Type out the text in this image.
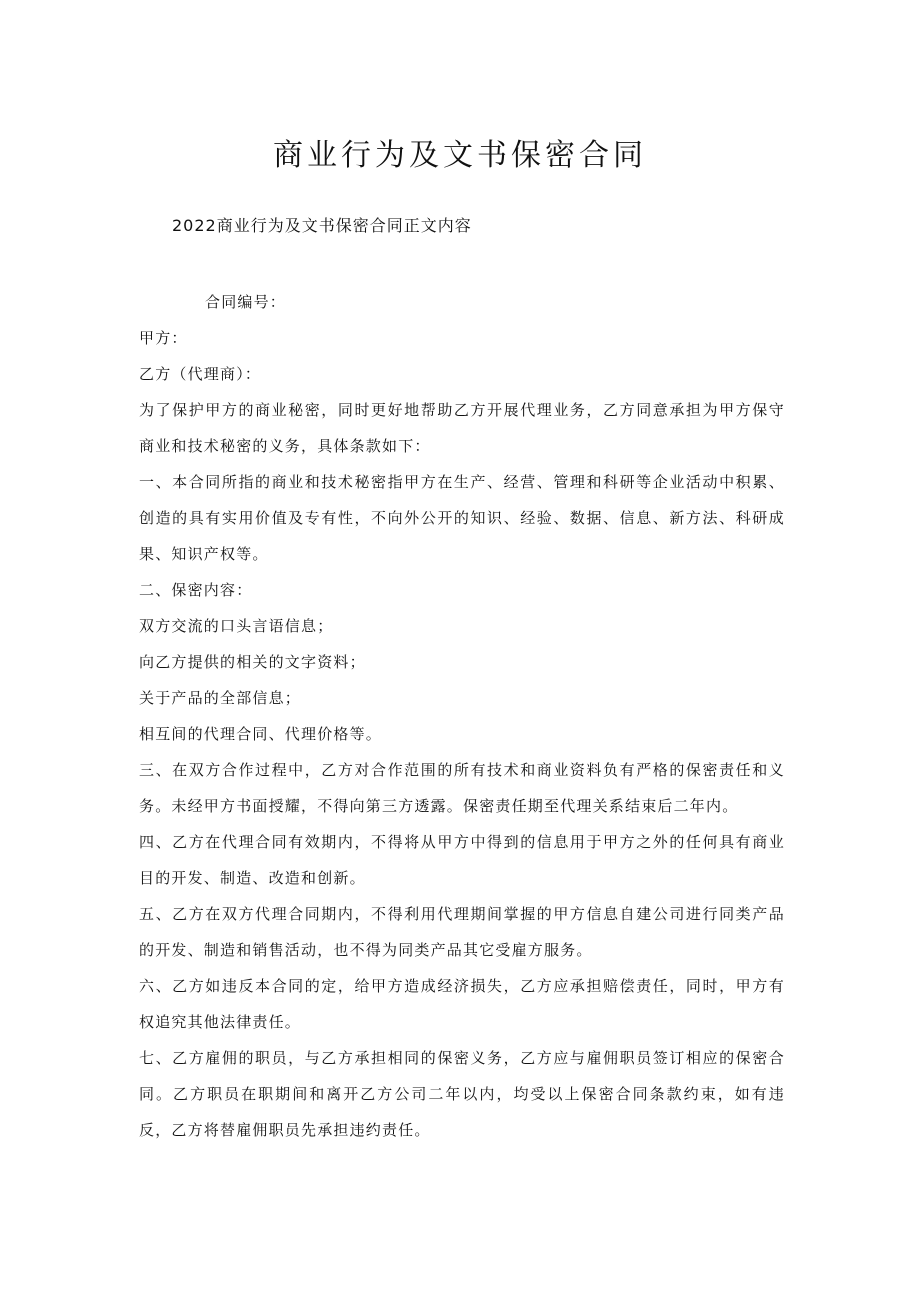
商业行为及文书保密合同

2022商业行为及文书保密合同正文内容

合同编号：

甲方：

乙方（代理商）：

为了保护甲方的商业秘密，同时更好地帮助乙方开展代理业务，乙方同意承担为甲方保守商业和技术秘密的义务，具体条款如下：

一、本合同所指的商业和技术秘密指甲方在生产、经营、管理和科研等企业活动中积累、创造的具有实用价值及专有性，不向外公开的知识、经验、数据、信息、新方法、科研成果、知识产权等。

二、保密内容：

双方交流的口头言语信息；

向乙方提供的相关的文字资料；

关于产品的全部信息；

相互间的代理合同、代理价格等。

三、在双方合作过程中，乙方对合作范围的所有技术和商业资料负有严格的保密责任和义务。未经甲方书面授耀，不得向第三方透露。保密责任期至代理关系结束后二年内。

四、乙方在代理合同有效期内，不得将从甲方中得到的信息用于甲方之外的任何具有商业目的开发、制造、改造和创新。

五、乙方在双方代理合同期内，不得利用代理期间掌握的甲方信息自建公司进行同类产品的开发、制造和销售活动，也不得为同类产品其它受雇方服务。

六、乙方如违反本合同的定，给甲方造成经济损失，乙方应承担赔偿责任，同时，甲方有权追究其他法律责任。

七、乙方雇佣的职员，与乙方承担相同的保密义务，乙方应与雇佣职员签订相应的保密合同。乙方职员在职期间和离开乙方公司二年以内，均受以上保密合同条款约束，如有违反，乙方将替雇佣职员先承担违约责任。
